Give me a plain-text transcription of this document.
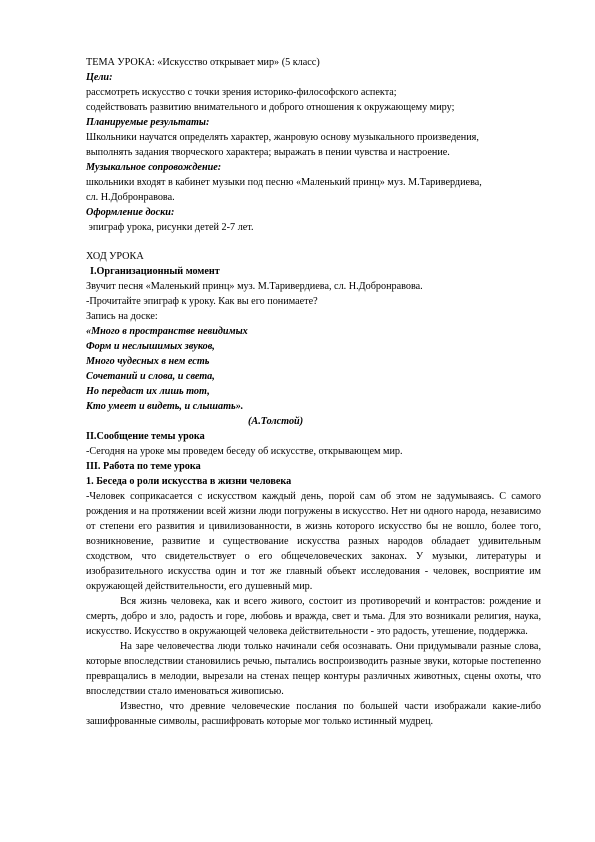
ТЕМА УРОКА: «Искусство открывает мир» (5 класс)
Цели:
рассмотреть искусство с точки зрения историко-философского аспекта;
содействовать развитию внимательного и доброго отношения к окружающему миру;
Планируемые результаты:
Школьники научатся определять характер, жанровую основу музыкального произведения,
выполнять задания творческого характера; выражать в пении чувства и настроение.
Музыкальное сопровождение:
школьники входят в кабинет музыки под песню «Маленький принц» муз. М.Таривердиева,
сл. Н.Добронравова.
Оформление доски:
эпиграф урока, рисунки детей 2-7 лет.
ХОД УРОКА
I.Организационный момент
Звучит песня «Маленький принц» муз. М.Таривердиева, сл. Н.Добронравова.
-Прочитайте эпиграф к уроку. Как вы его понимаете?
Запись на доске:
«Много в пространстве невидимых
Форм и неслышимых звуков,
Много чудесных в нем есть
Сочетаний и слова, и света,
Но передаст их лишь тот,
Кто умеет и видеть, и слышать».
(А.Толстой)
II.Сообщение темы урока
-Сегодня на уроке мы проведем беседу об искусстве, открывающем мир.
III. Работа по теме урока
1. Беседа о роли искусства в жизни человека
-Человек соприкасается с искусством каждый день, порой сам об этом не задумываясь. С самого рождения и на протяжении всей жизни люди погружены в искусство. Нет ни одного народа, независимо от степени его развития и цивилизованности, в жизнь которого искусство бы не вошло, более того, возникновение, развитие и существование искусства разных народов обладает удивительным сходством, что свидетельствует о его общечеловеческих законах. У музыки, литературы и изобразительного искусства один и тот же главный объект исследования - человек, восприятие им окружающей действительности, его душевный мир.
Вся жизнь человека, как и всего живого, состоит из противоречий и контрастов: рождение и смерть, добро и зло, радость и горе, любовь и вражда, свет и тьма. Для это возникали религия, наука, искусство. Искусство в окружающей человека действительности - это радость, утешение, поддержка.
На заре человечества люди только начинали себя осознавать. Они придумывали разные слова, которые впоследствии становились речью, пытались воспроизводить разные звуки, которые постепенно превращались в мелодии, вырезали на стенах пещер контуры различных животных, сцены охоты, что впоследствии стало именоваться живописью.
Известно, что древние человеческие послания по большей части изображали какие-либо зашифрованные символы, расшифровать которые мог только истинный мудрец.
